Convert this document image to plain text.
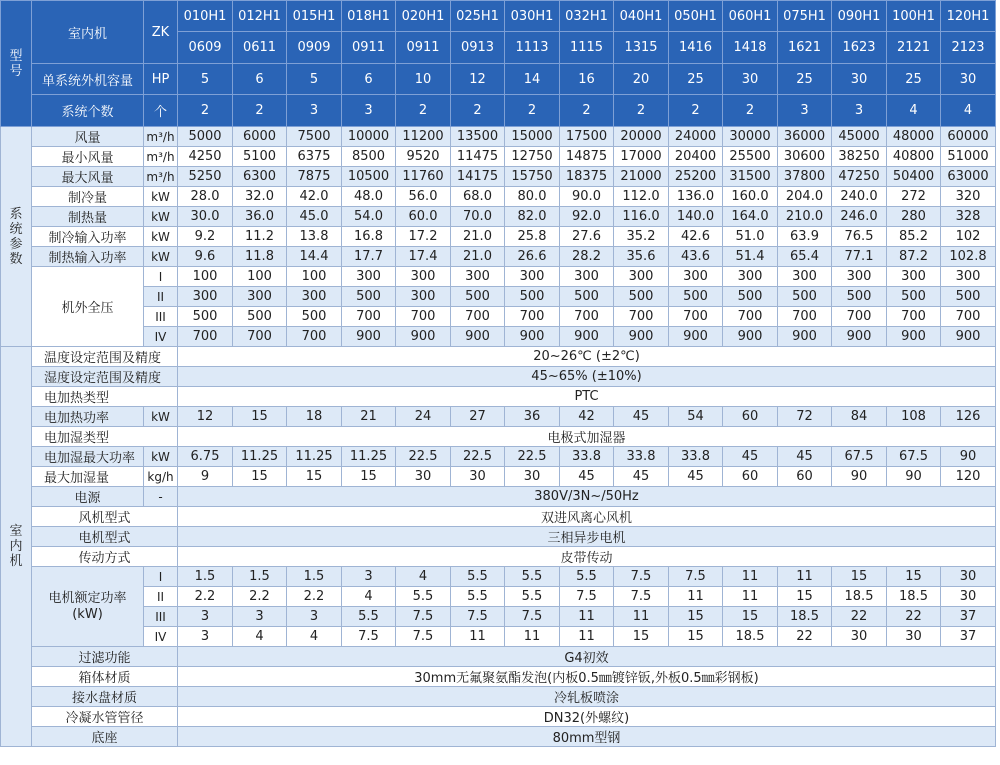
型号	室内机	ZK	010H1	012H1	015H1	018H1	020H1	025H1	030H1	032H1	040H1	050H1	060H1	075H1	090H1	100H1	120H1
			0609	0611	0909	0911	0911	0913	1113	1115	1315	1416	1418	1621	1623	2121	2123
	单系统外机容量	HP	5	6	5	6	10	12	14	16	20	25	30	25	30	25	30
	系统个数	个	2	2	3	3	2	2	2	2	2	2	2	3	3	4	4
系统参数	风量	m³/h	5000	6000	7500	10000	11200	13500	15000	17500	20000	24000	30000	36000	45000	48000	60000
	最小风量	m³/h	4250	5100	6375	8500	9520	11475	12750	14875	17000	20400	25500	30600	38250	40800	51000
	最大风量	m³/h	5250	6300	7875	10500	11760	14175	15750	18375	21000	25200	31500	37800	47250	50400	63000
	制冷量	kW	28.0	32.0	42.0	48.0	56.0	68.0	80.0	90.0	112.0	136.0	160.0	204.0	240.0	272	320
	制热量	kW	30.0	36.0	45.0	54.0	60.0	70.0	82.0	92.0	116.0	140.0	164.0	210.0	246.0	280	328
	制冷输入功率	kW	9.2	11.2	13.8	16.8	17.2	21.0	25.8	27.6	35.2	42.6	51.0	63.9	76.5	85.2	102
	制热输入功率	kW	9.6	11.8	14.4	17.7	17.4	21.0	26.6	28.2	35.6	43.6	51.4	65.4	77.1	87.2	102.8
	机外全压	I	100	100	100	300	300	300	300	300	300	300	300	300	300	300	300
		II	300	300	300	500	300	500	500	500	500	500	500	500	500	500	500
		III	500	500	500	700	700	700	700	700	700	700	700	700	700	700	700
		IV	700	700	700	900	900	900	900	900	900	900	900	900	900	900	900
室内机	温度设定范围及精度		20~26℃ (±2℃)														
	湿度设定范围及精度		45~65% (±10%)														
	电加热类型		PTC														
	电加热功率	kW	12	15	18	21	24	27	36	42	45	54	60	72	84	108	126
	电加湿类型		电极式加湿器														
	电加湿最大功率	kW	6.75	11.25	11.25	11.25	22.5	22.5	22.5	33.8	33.8	33.8	45	45	67.5	67.5	90
	最大加湿量	kg/h	9	15	15	15	30	30	30	45	45	45	60	60	90	90	120
	电源	-	380V/3N~/50Hz														
	风机型式		双进风离心风机														
	电机型式		三相异步电机														
	传动方式		皮带传动														
	电机额定功率
(kW)	I	1.5	1.5	1.5	3	4	5.5	5.5	5.5	7.5	7.5	11	11	15	15	30
		II	2.2	2.2	2.2	4	5.5	5.5	5.5	7.5	7.5	11	11	15	18.5	18.5	30
		III	3	3	3	5.5	7.5	7.5	7.5	11	11	15	15	18.5	22	22	37
		IV	3	4	4	7.5	7.5	11	11	11	15	15	18.5	22	30	30	37
	过滤功能		G4初效														
	箱体材质		30mm无氟聚氨酯发泡(内板0.5㎜镀锌钣,外板0.5㎜彩钢板)														
	接水盘材质		冷轧板喷涂														
	冷凝水管管径		DN32(外螺纹)														
	底座		80mm型钢														
